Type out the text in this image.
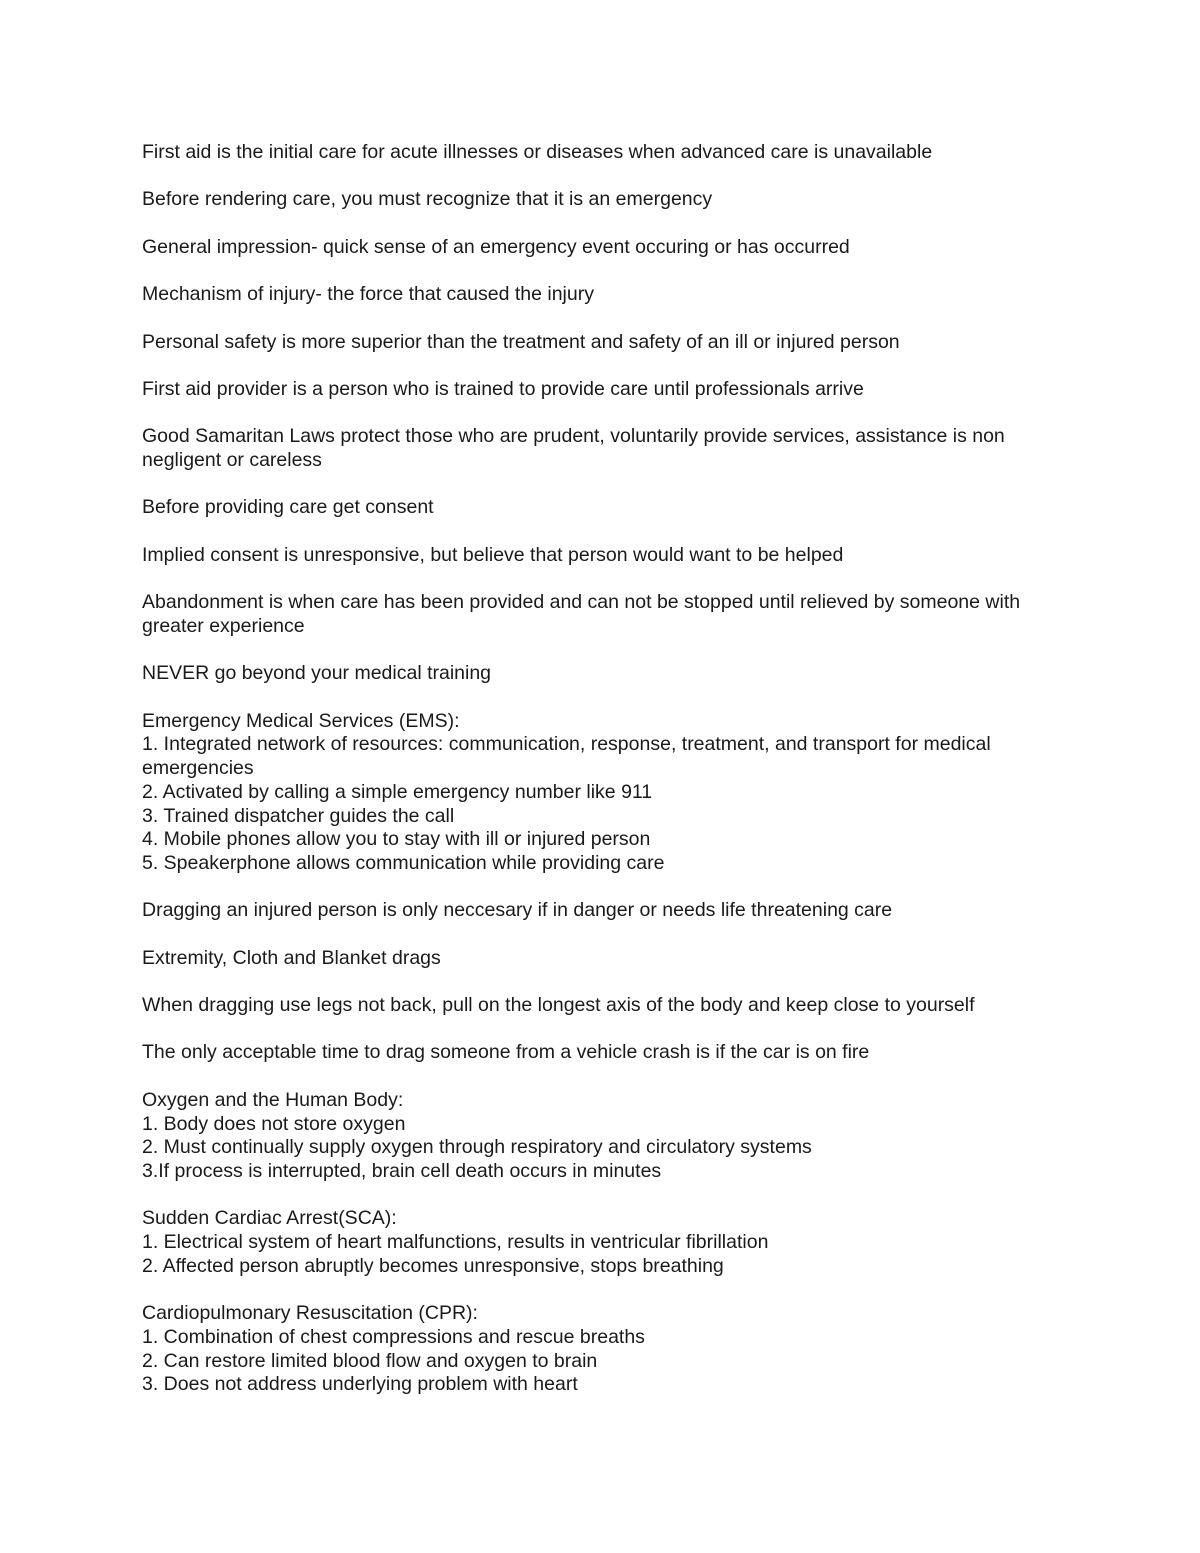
First aid is the initial care for acute illnesses or diseases when advanced care is unavailable

Before rendering care, you must recognize that it is an emergency

General impression- quick sense of an emergency event occuring or has occurred

Mechanism of injury- the force that caused the injury

Personal safety is more superior than the treatment and safety of an ill or injured person

First aid provider is a person who is trained to provide care until professionals arrive

Good Samaritan Laws protect those who are prudent, voluntarily provide services, assistance is non negligent or careless

Before providing care get consent

Implied consent is unresponsive, but believe that person would want to be helped

Abandonment is when care has been provided and can not be stopped until relieved by someone with greater experience

NEVER go beyond your medical training

Emergency Medical Services (EMS):
1. Integrated network of resources: communication, response, treatment, and transport for medical emergencies
2. Activated by calling a simple emergency number like 911
3. Trained dispatcher guides the call
4. Mobile phones allow you to stay with ill or injured person
5. Speakerphone allows communication while providing care

Dragging an injured person is only neccesary if in danger or needs life threatening care

Extremity, Cloth and Blanket drags

When dragging use legs not back, pull on the longest axis of the body and keep close to yourself

The only acceptable time to drag someone from a vehicle crash is if the car is on fire

Oxygen and the Human Body:
1. Body does not store oxygen
2. Must continually supply oxygen through respiratory and circulatory systems
3.If process is interrupted, brain cell death occurs in minutes
Sudden Cardiac Arrest(SCA):
1. Electrical system of heart malfunctions, results in ventricular fibrillation
2. Affected person abruptly becomes unresponsive, stops breathing
Cardiopulmonary Resuscitation (CPR):
1. Combination of chest compressions and rescue breaths
2. Can restore limited blood flow and oxygen to brain
3. Does not address underlying problem with heart
